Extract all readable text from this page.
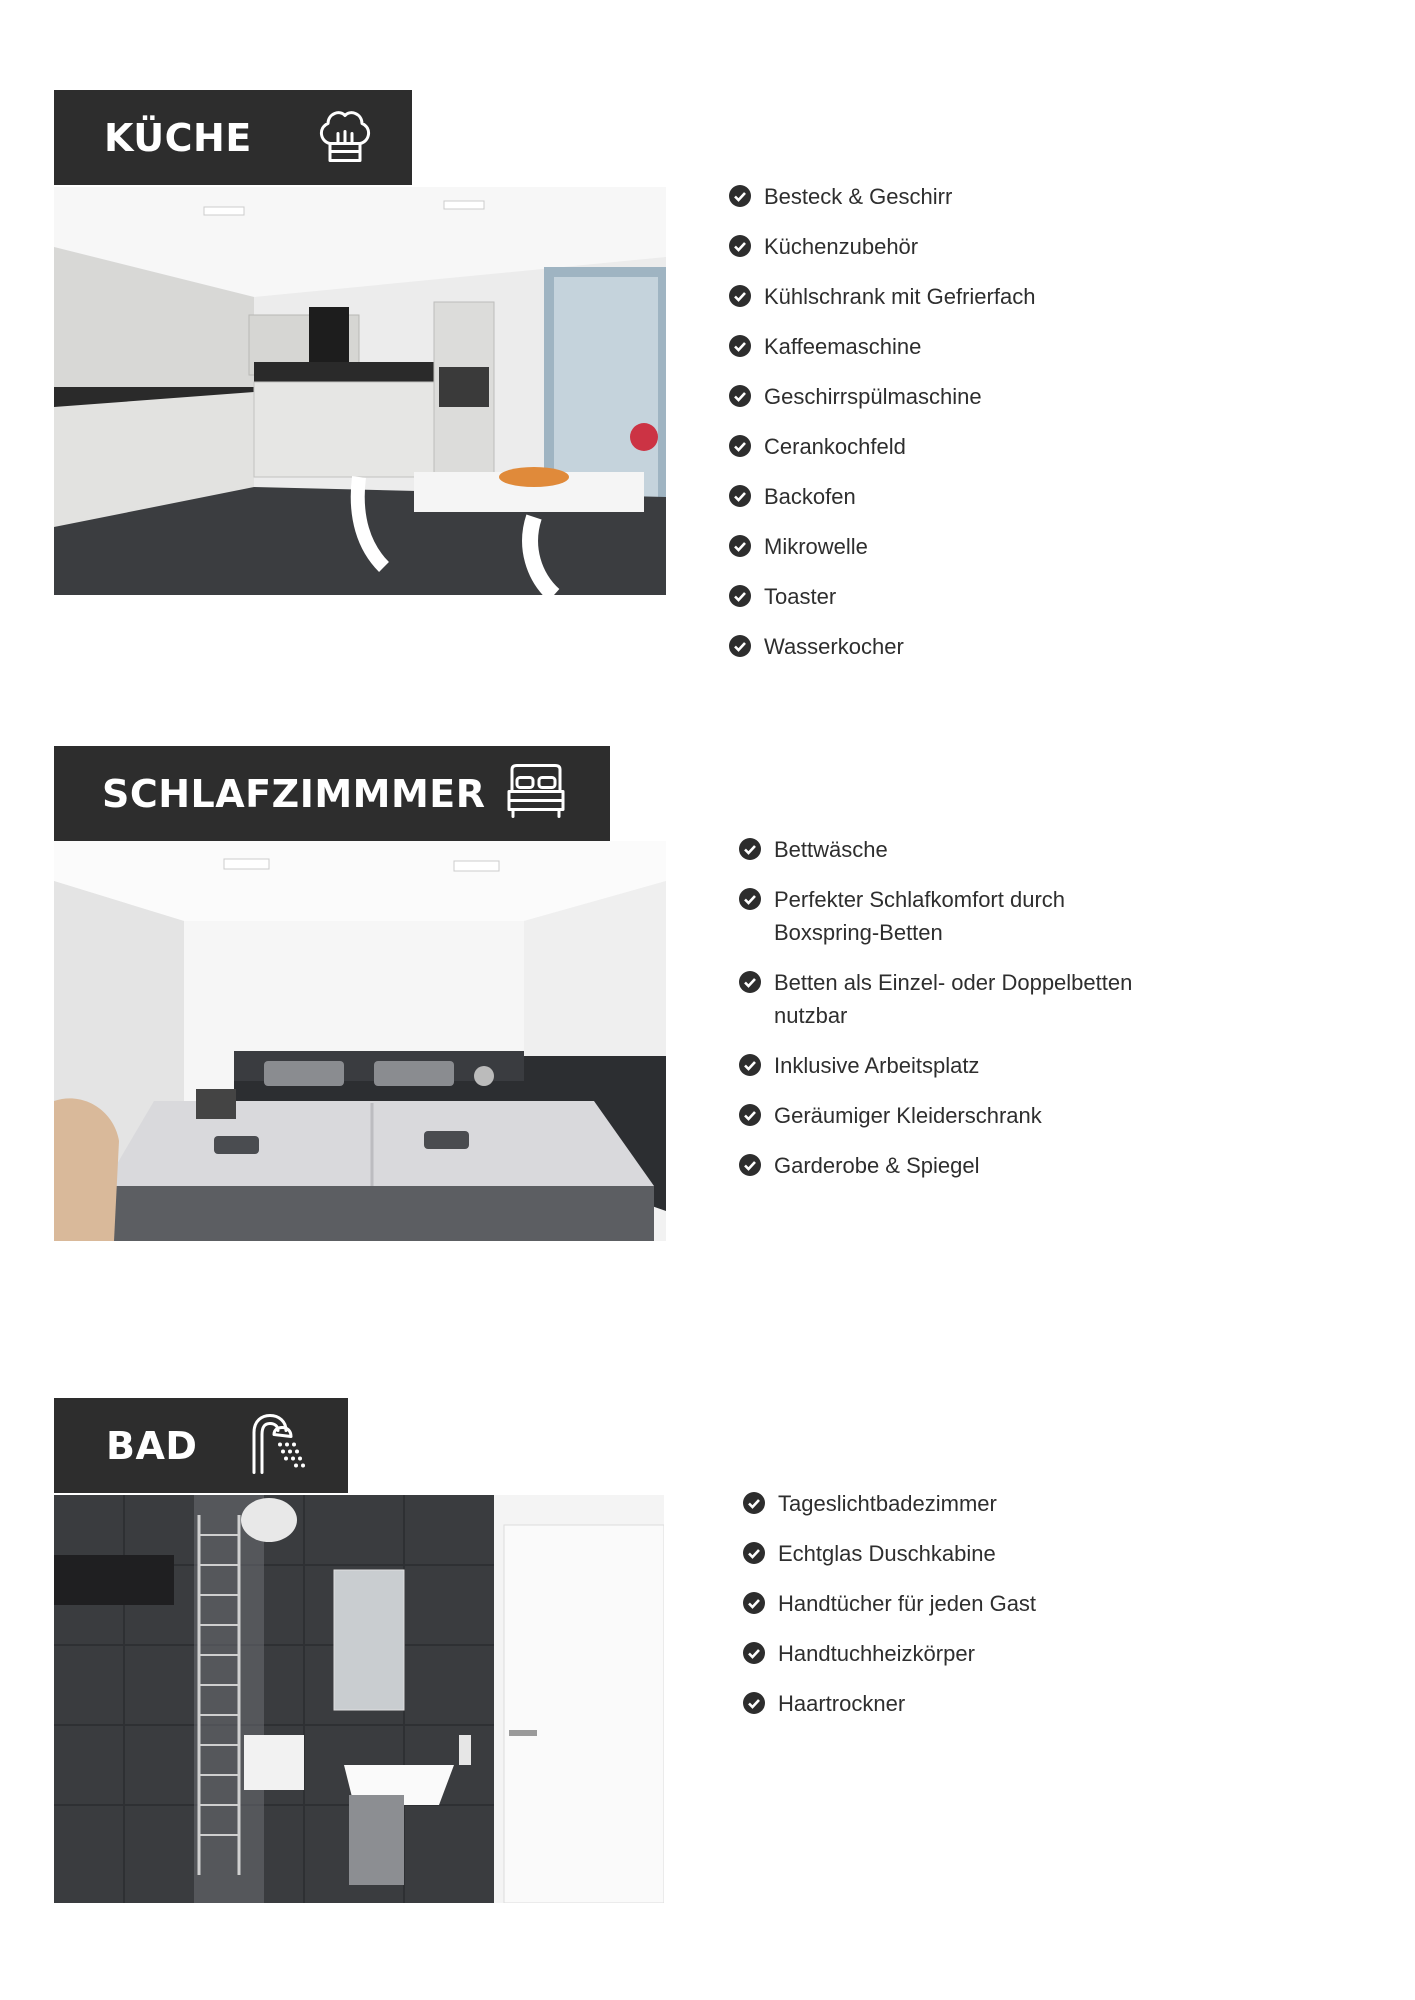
KÜCHE
Besteck & Geschirr
Küchenzubehör
Kühlschrank mit Gefrierfach
Kaffeemaschine
Geschirrspülmaschine
Cerankochfeld
Backofen
Mikrowelle
Toaster
Wasserkocher
SCHLAFZIMMMER
Bettwäsche
Perfekter Schlafkomfort durch Boxspring-Betten
Betten als Einzel- oder Doppelbetten nutzbar
Inklusive Arbeitsplatz
Geräumiger Kleiderschrank
Garderobe & Spiegel
BAD
Tageslichtbadezimmer
Echtglas Duschkabine
Handtücher für jeden Gast
Handtuchheizkörper
Haartrockner
